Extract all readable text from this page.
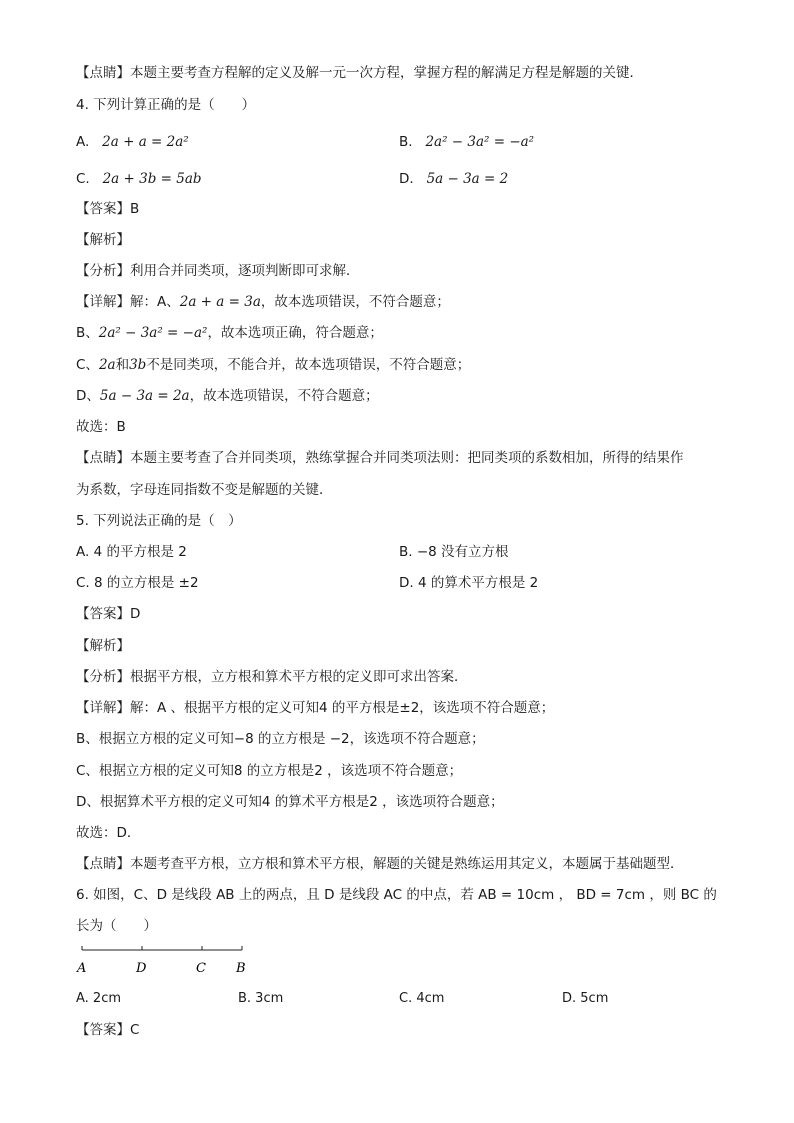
【点睛】本题主要考查方程解的定义及解一元一次方程，掌握方程的解满足方程是解题的关键．
4. 下列计算正确的是（　　）
A. 2a + a = 2a²	B. 2a² − 3a² = −a²
C. 2a + 3b = 5ab	D. 5a − 3a = 2
【答案】B
【解析】
【分析】利用合并同类项，逐项判断即可求解．
【详解】解：A、2a + a = 3a，故本选项错误，不符合题意；
B、2a² − 3a² = −a²，故本选项正确，符合题意；
C、2a和3b不是同类项，不能合并，故本选项错误，不符合题意；
D、5a − 3a = 2a，故本选项错误，不符合题意；
故选：B
【点睛】本题主要考查了合并同类项，熟练掌握合并同类项法则：把同类项的系数相加，所得的结果作
为系数，字母连同指数不变是解题的关键．
5. 下列说法正确的是（　）
A. 4 的平方根是 2	B. −8 没有立方根
C. 8 的立方根是 ±2	D. 4 的算术平方根是 2
【答案】D
【解析】
【分析】根据平方根，立方根和算术平方根的定义即可求出答案．
【详解】解：A 、根据平方根的定义可知4 的平方根是±2，该选项不符合题意；
B、根据立方根的定义可知−8 的立方根是 −2，该选项不符合题意；
C、根据立方根的定义可知8 的立方根是2 ，该选项不符合题意；
D、根据算术平方根的定义可知4 的算术平方根是2 ，该选项符合题意；
故选：D．
【点睛】本题考查平方根，立方根和算术平方根，解题的关键是熟练运用其定义，本题属于基础题型．
6. 如图，C、D 是线段 AB 上的两点，且 D 是线段 AC 的中点，若 AB = 10cm ， BD = 7cm ，则 BC 的
长为（　　）
A	D	C B
A. 2cm	B. 3cm	C. 4cm	D. 5cm
【答案】C
